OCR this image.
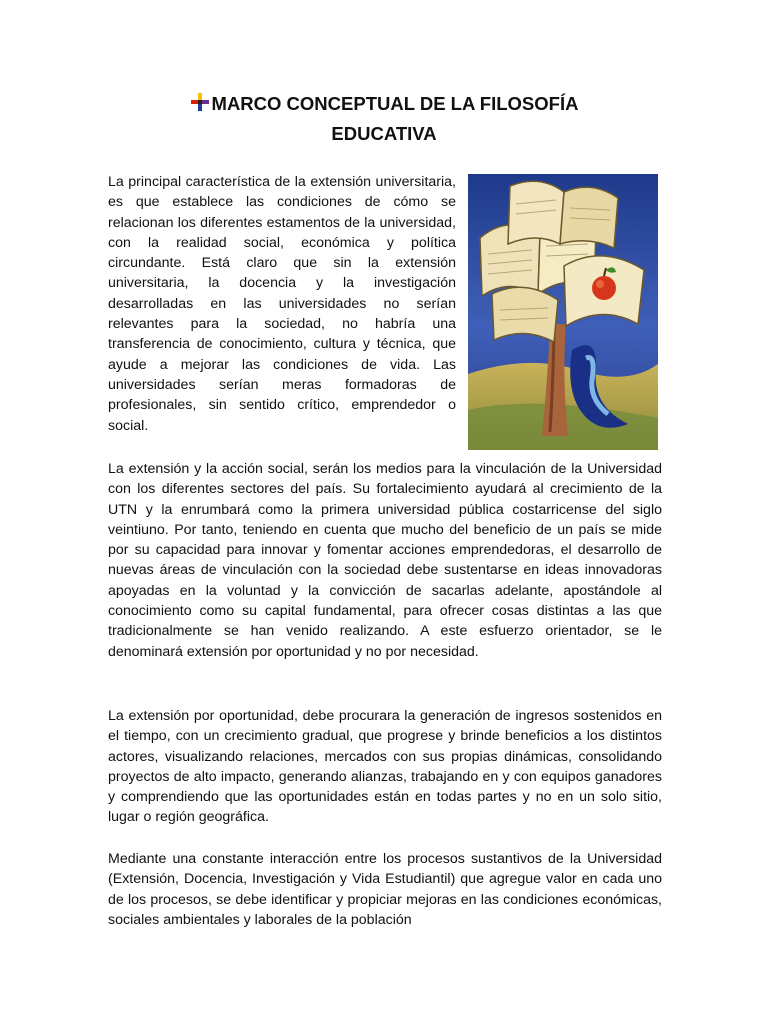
MARCO CONCEPTUAL DE LA FILOSOFÍA
EDUCATIVA

La principal característica de la extensión universitaria, es que establece las condiciones de cómo se relacionan los diferentes estamentos de la universidad, con la realidad social, económica y política circundante. Está claro que sin la extensión universitaria, la docencia y la investigación desarrolladas en las universidades no serían relevantes para la sociedad, no habría una transferencia de conocimiento, cultura y técnica, que ayude a mejorar las condiciones de vida. Las universidades serían meras formadoras de profesionales, sin sentido crítico, emprendedor o social.

La extensión y la acción social, serán los medios para la vinculación de la Universidad con los diferentes sectores del país. Su fortalecimiento ayudará al crecimiento de la UTN y la enrumbará como la primera universidad pública costarricense del siglo veintiuno. Por tanto, teniendo en cuenta que mucho del beneficio de un país se mide por su capacidad para innovar y fomentar acciones emprendedoras, el desarrollo de nuevas áreas de vinculación con la sociedad debe sustentarse en ideas innovadoras apoyadas en la voluntad y la convicción de sacarlas adelante, apostándole al conocimiento como su capital fundamental, para ofrecer cosas distintas a las que tradicionalmente se han venido realizando. A este esfuerzo orientador, se le denominará extensión por oportunidad y no por necesidad.

La extensión por oportunidad, debe procurara la generación de ingresos sostenidos en el tiempo, con un crecimiento gradual, que progrese y brinde beneficios a los distintos actores, visualizando relaciones, mercados con sus propias dinámicas, consolidando proyectos de alto impacto, generando alianzas, trabajando en y con equipos ganadores y comprendiendo que las oportunidades están en todas partes y no en un solo sitio, lugar o región geográfica.

Mediante una constante interacción entre los procesos sustantivos de la Universidad (Extensión, Docencia, Investigación y Vida Estudiantil) que agregue valor en cada uno de los procesos, se debe identificar y propiciar mejoras en las condiciones económicas, sociales ambientales y laborales de la población
